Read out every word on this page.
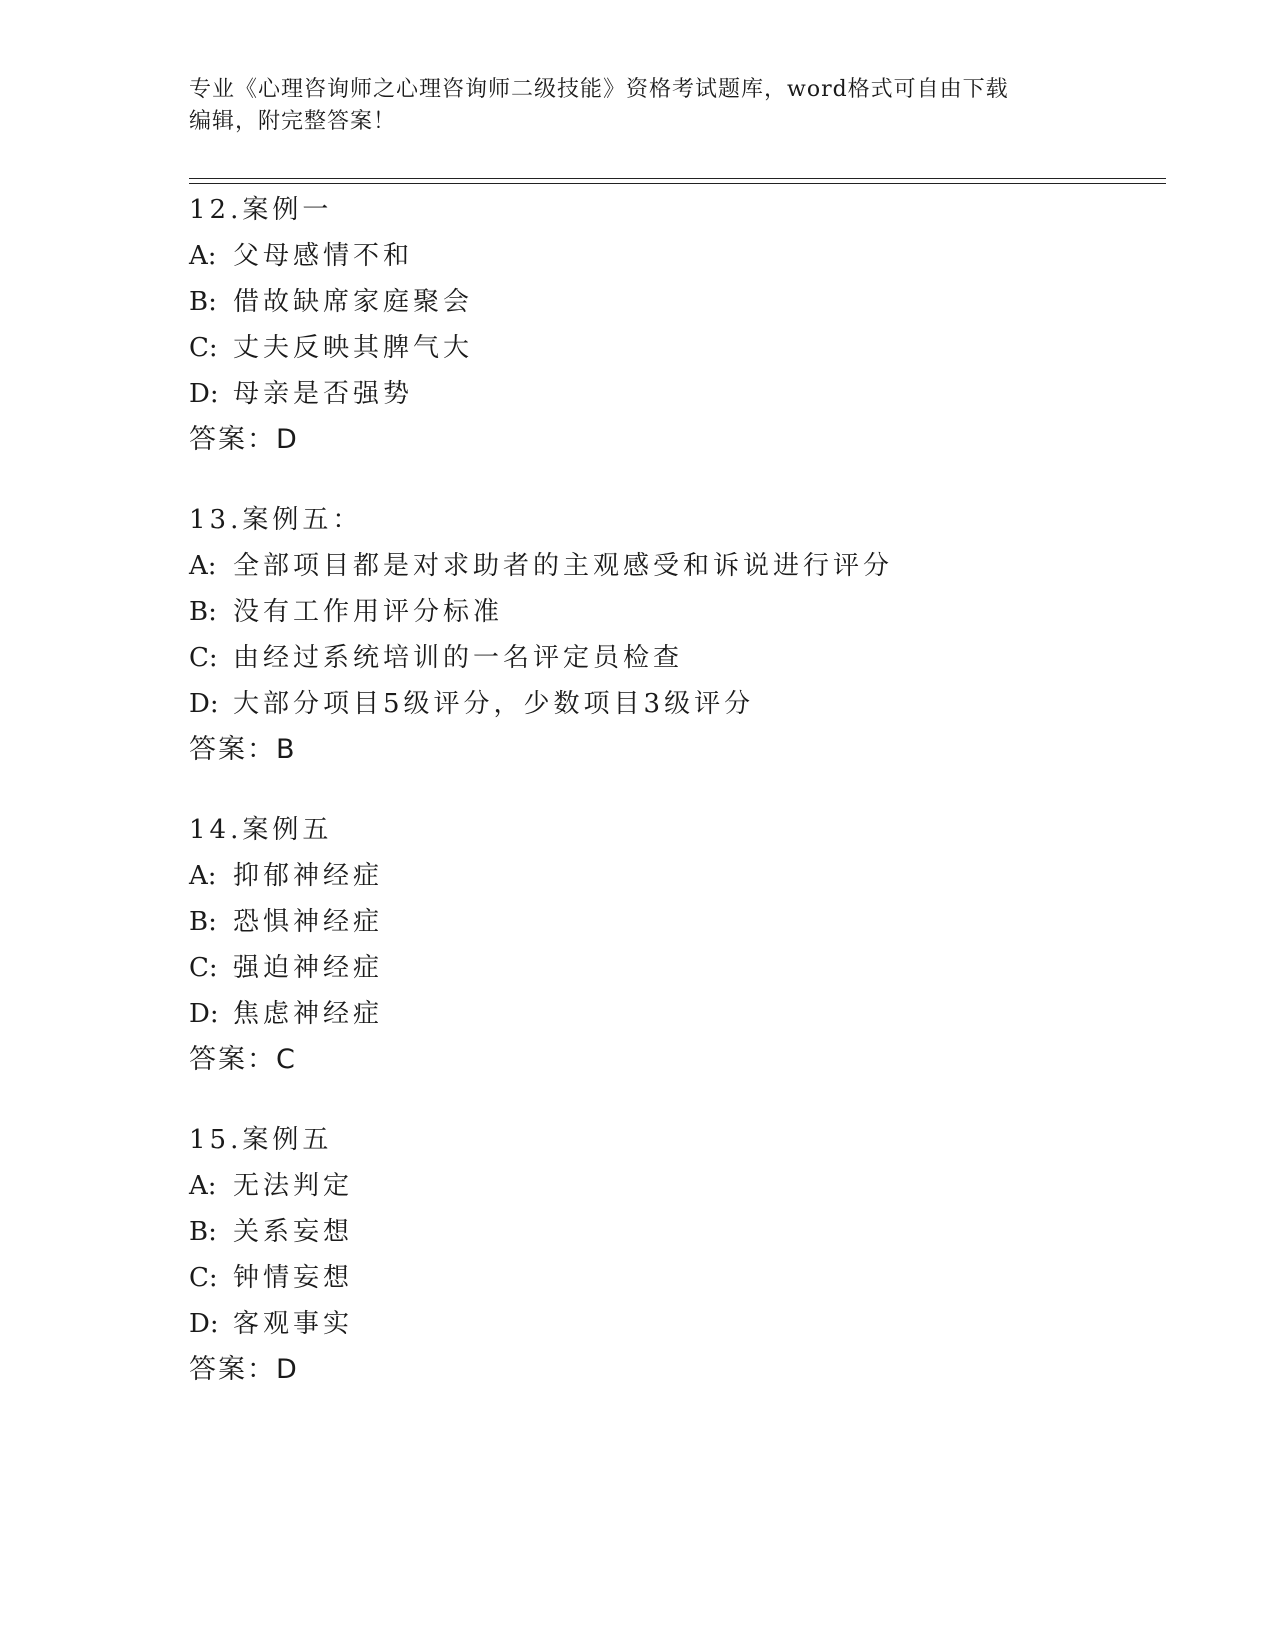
专业《心理咨询师之心理咨询师二级技能》资格考试题库，word格式可自由下载
编辑，附完整答案！
12.案例一
A: 父母感情不和
B: 借故缺席家庭聚会
C: 丈夫反映其脾气大
D: 母亲是否强势
答案：D
13.案例五：
A: 全部项目都是对求助者的主观感受和诉说进行评分
B: 没有工作用评分标准
C: 由经过系统培训的一名评定员检查
D: 大部分项目5级评分，少数项目3级评分
答案：B
14.案例五
A: 抑郁神经症
B: 恐惧神经症
C: 强迫神经症
D: 焦虑神经症
答案：C
15.案例五
A: 无法判定
B: 关系妄想
C: 钟情妄想
D: 客观事实
答案：D
